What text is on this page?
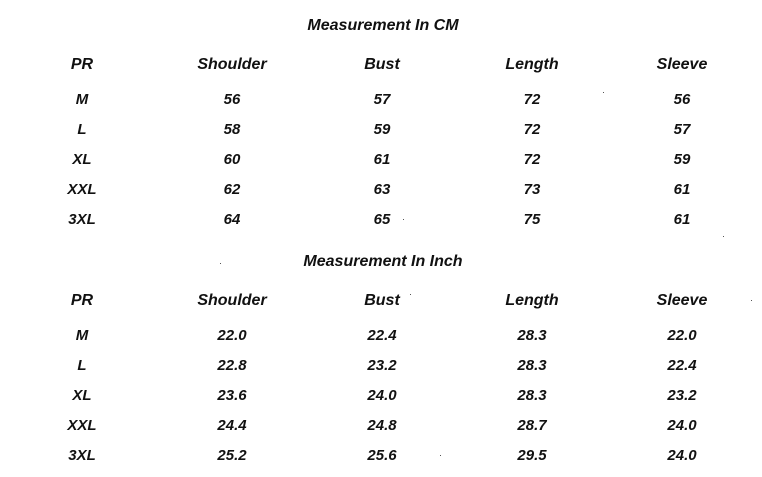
Measurement In CM
PR	Shoulder	Bust	Length	Sleeve
M	56	57	72	56
L	58	59	72	57
XL	60	61	72	59
XXL	62	63	73	61
3XL	64	65	75	61
Measurement In Inch
PR	Shoulder	Bust	Length	Sleeve
M	22.0	22.4	28.3	22.0
L	22.8	23.2	28.3	22.4
XL	23.6	24.0	28.3	23.2
XXL	24.4	24.8	28.7	24.0
3XL	25.2	25.6	29.5	24.0
